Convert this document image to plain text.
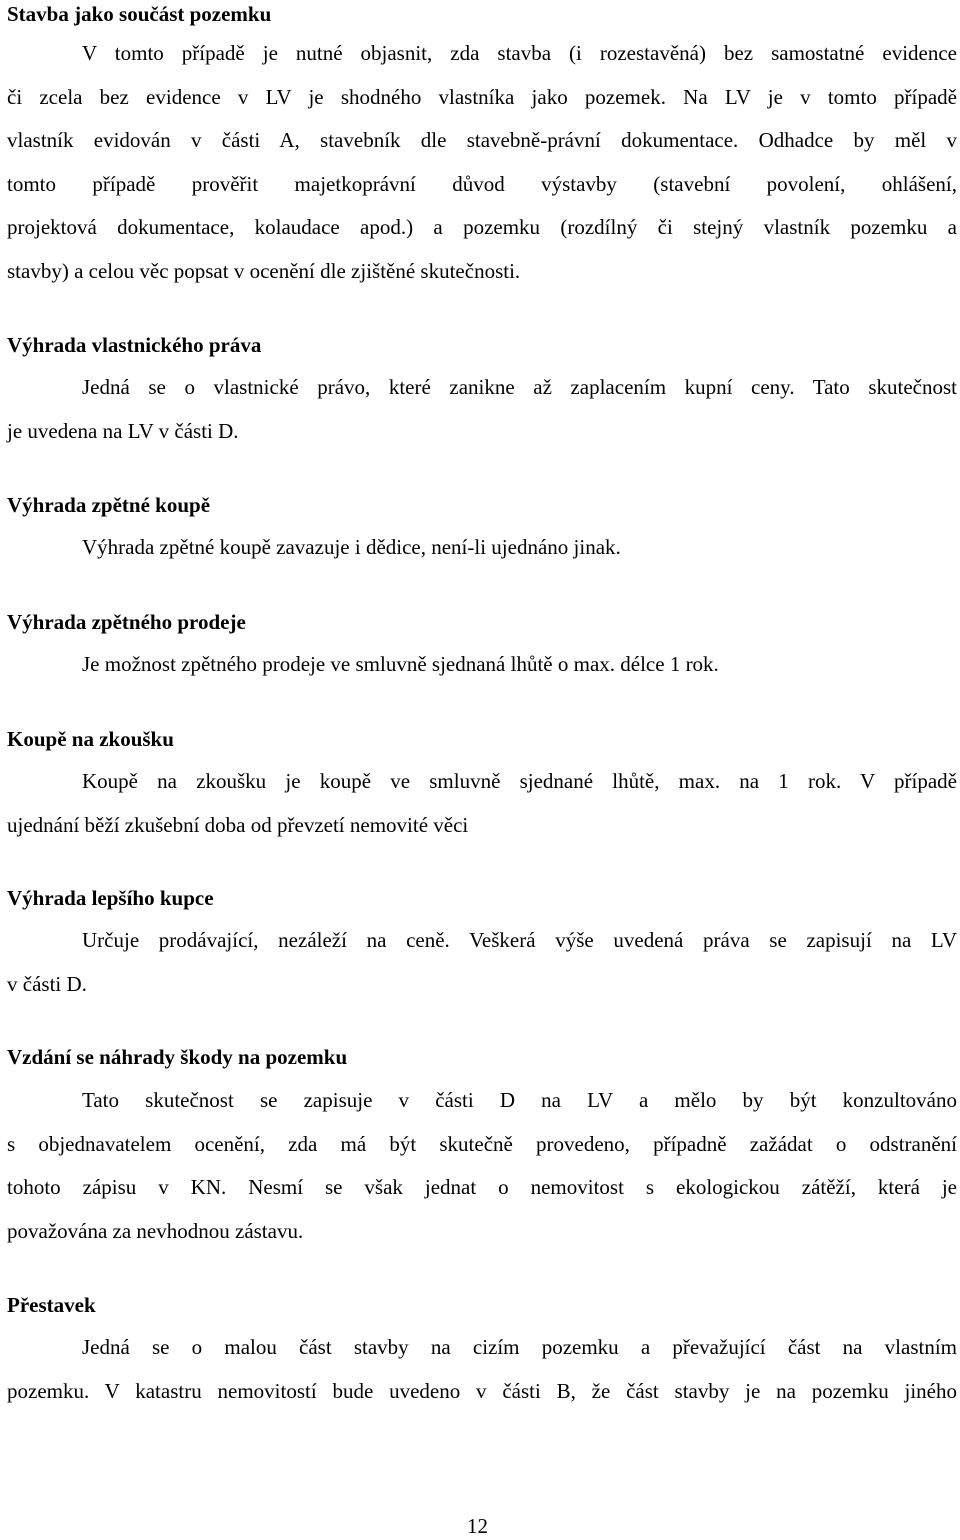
Stavba jako součást pozemku
V tomto případě je nutné objasnit, zda stavba (i rozestavěná) bez samostatné evidence
či zcela bez evidence v LV je shodného vlastníka jako pozemek. Na LV je v tomto případě
vlastník evidován v části A, stavebník dle stavebně-právní dokumentace. Odhadce by měl v
tomto případě prověřit majetkoprávní důvod výstavby (stavební povolení, ohlášení,
projektová dokumentace, kolaudace apod.) a pozemku (rozdílný či stejný vlastník pozemku a
stavby) a celou věc popsat v ocenění dle zjištěné skutečnosti.
Výhrada vlastnického práva
Jedná se o vlastnické právo, které zanikne až zaplacením kupní ceny. Tato skutečnost
je uvedena na LV v části D.
Výhrada zpětné koupě
Výhrada zpětné koupě zavazuje i dědice, není-li ujednáno jinak.
Výhrada zpětného prodeje
Je možnost zpětného prodeje ve smluvně sjednaná lhůtě o max. délce 1 rok.
Koupě na zkoušku
Koupě na zkoušku je koupě ve smluvně sjednané lhůtě, max. na 1 rok. V případě
ujednání běží zkušební doba od převzetí nemovité věci
Výhrada lepšího kupce
Určuje prodávající, nezáleží na ceně. Veškerá výše uvedená práva se zapisují na LV
v části D.
Vzdání se náhrady škody na pozemku
Tato skutečnost se zapisuje v části D na LV a mělo by být konzultováno
s objednavatelem ocenění, zda má být skutečně provedeno, případně zažádat o odstranění
tohoto zápisu v KN. Nesmí se však jednat o nemovitost s ekologickou zátěží, která je
považována za nevhodnou zástavu.
Přestavek
Jedná se o malou část stavby na cizím pozemku a převažující část na vlastním
pozemku. V katastru nemovitostí bude uvedeno v části B, že část stavby je na pozemku jiného
12
